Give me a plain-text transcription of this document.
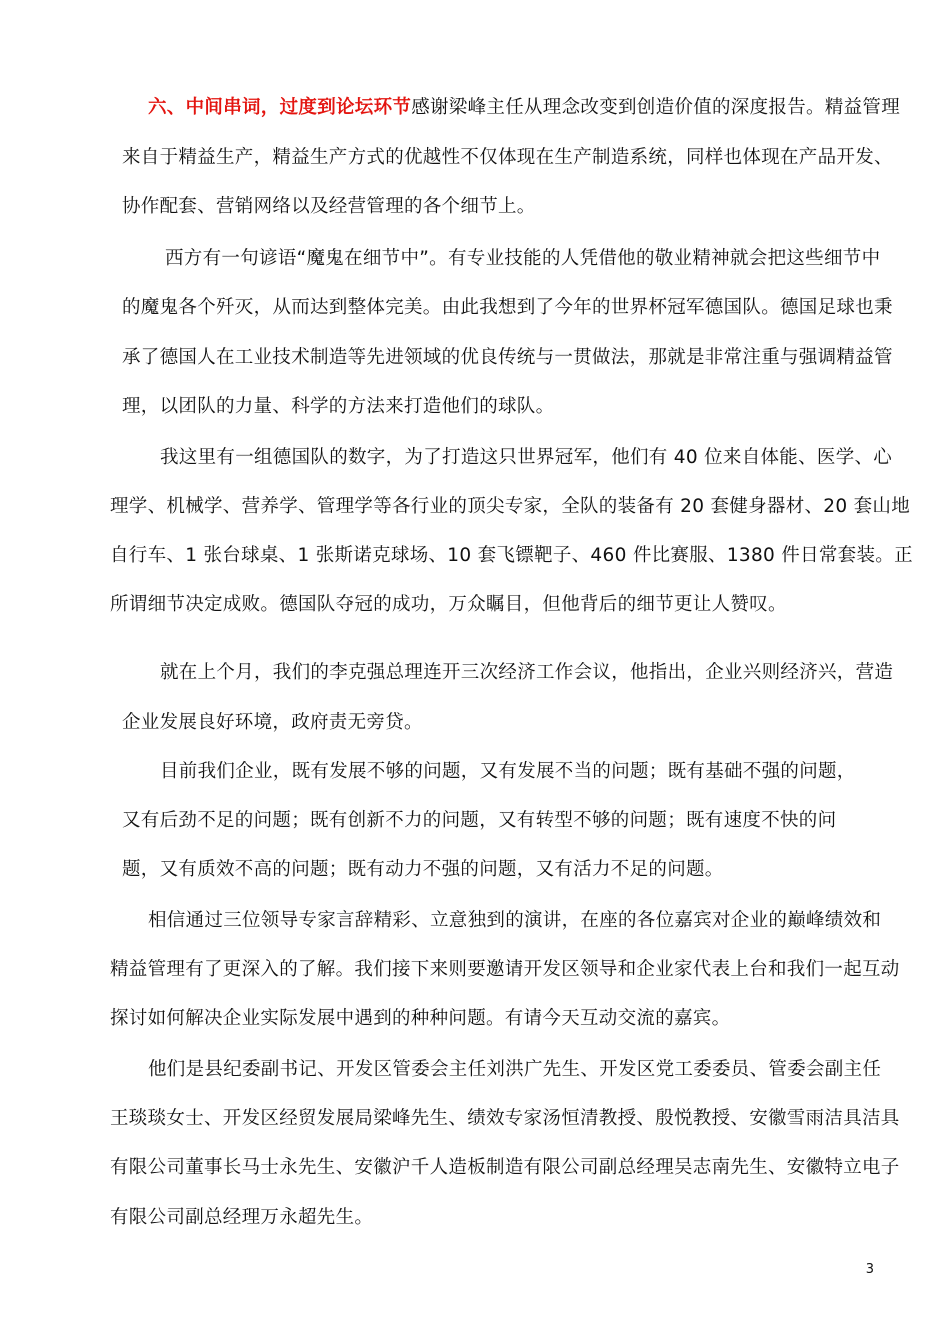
六、中间串词，过度到论坛环节感谢梁峰主任从理念改变到创造价值的深度报告。精益管理
来自于精益生产，精益生产方式的优越性不仅体现在生产制造系统，同样也体现在产品开发、
协作配套、营销网络以及经营管理的各个细节上。
西方有一句谚语“魔鬼在细节中”。有专业技能的人凭借他的敬业精神就会把这些细节中
的魔鬼各个歼灭，从而达到整体完美。由此我想到了今年的世界杯冠军德国队。德国足球也秉
承了德国人在工业技术制造等先进领域的优良传统与一贯做法，那就是非常注重与强调精益管
理，以团队的力量、科学的方法来打造他们的球队。
我这里有一组德国队的数字，为了打造这只世界冠军，他们有 40 位来自体能、医学、心
理学、机械学、营养学、管理学等各行业的顶尖专家，全队的装备有 20 套健身器材、20 套山地
自行车、1 张台球桌、1 张斯诺克球场、10 套飞镖靶子、460 件比赛服、1380 件日常套装。正
所谓细节决定成败。德国队夺冠的成功，万众瞩目，但他背后的细节更让人赞叹。
就在上个月，我们的李克强总理连开三次经济工作会议，他指出，企业兴则经济兴，营造
企业发展良好环境，政府责无旁贷。
目前我们企业，既有发展不够的问题，又有发展不当的问题；既有基础不强的问题，
又有后劲不足的问题；既有创新不力的问题，又有转型不够的问题；既有速度不快的问
题，又有质效不高的问题；既有动力不强的问题，又有活力不足的问题。
相信通过三位领导专家言辞精彩、立意独到的演讲，在座的各位嘉宾对企业的巅峰绩效和
精益管理有了更深入的了解。我们接下来则要邀请开发区领导和企业家代表上台和我们一起互动
探讨如何解决企业实际发展中遇到的种种问题。有请今天互动交流的嘉宾。
他们是县纪委副书记、开发区管委会主任刘洪广先生、开发区党工委委员、管委会副主任
王琰琰女士、开发区经贸发展局梁峰先生、绩效专家汤恒清教授、殷悦教授、安徽雪雨洁具洁具
有限公司董事长马士永先生、安徽沪千人造板制造有限公司副总经理吴志南先生、安徽特立电子
有限公司副总经理万永超先生。
3
